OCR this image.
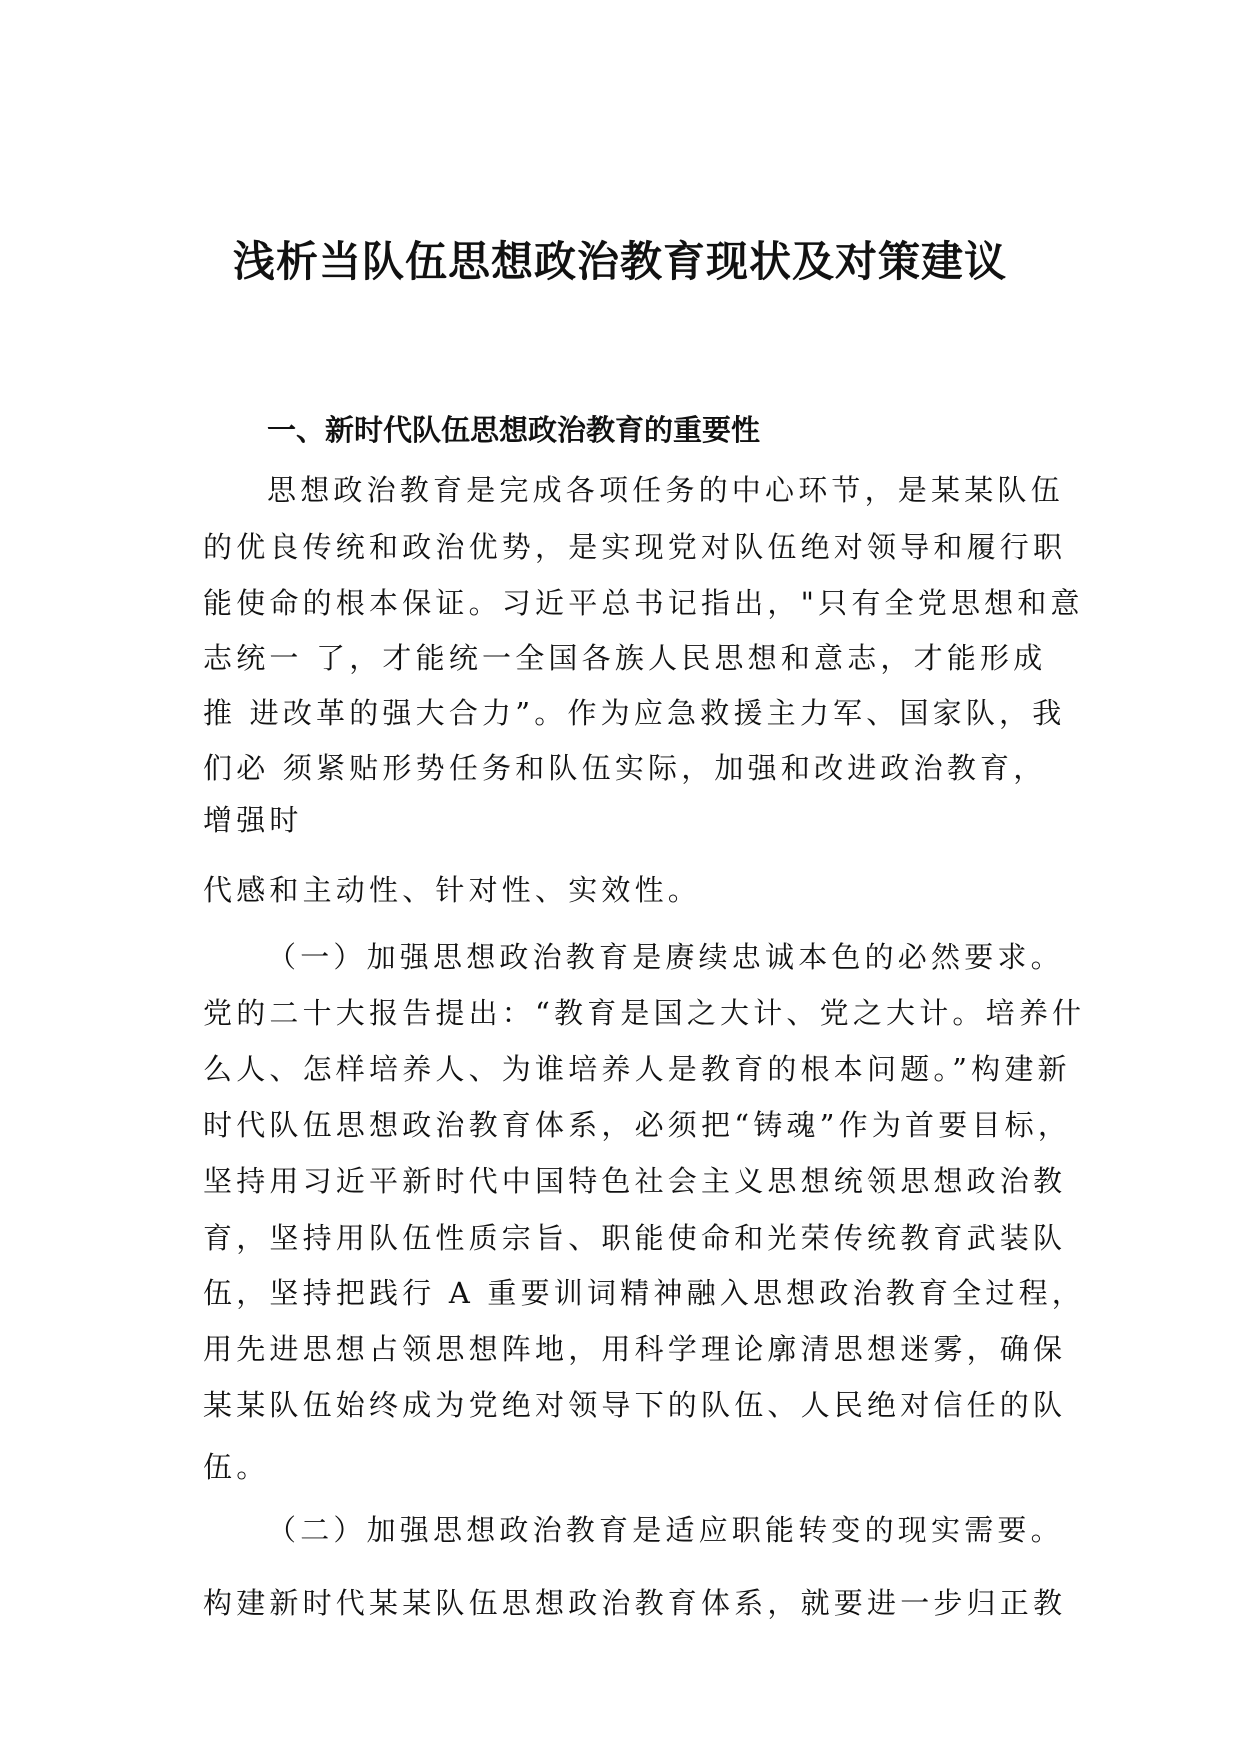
浅析当队伍思想政治教育现状及对策建议
一、新时代队伍思想政治教育的重要性

思想政治教育是完成各项任务的中心环节，是某某队伍

的优良传统和政治优势，是实现党对队伍绝对领导和履行职

能使命的根本保证。习近平总书记指出，"只有全党思想和意

志统一 了，才能统一全国各族人民思想和意志，才能形成

推 进改革的强大合力”。作为应急救援主力军、国家队，我

们必 须紧贴形势任务和队伍实际，加强和改进政治教育，

增强时

代感和主动性、针对性、实效性。

（一）加强思想政治教育是赓续忠诚本色的必然要求。

党的二十大报告提出：“教育是国之大计、党之大计。培养什

么人、怎样培养人、为谁培养人是教育的根本问题。”构建新

时代队伍思想政治教育体系，必须把“铸魂”作为首要目标，

坚持用习近平新时代中国特色社会主义思想统领思想政治教

育，坚持用队伍性质宗旨、职能使命和光荣传统教育武装队

伍，坚持把践行 A 重要训词精神融入思想政治教育全过程，

用先进思想占领思想阵地，用科学理论廓清思想迷雾，确保

某某队伍始终成为党绝对领导下的队伍、人民绝对信任的队

伍。

（二）加强思想政治教育是适应职能转变的现实需要。

构建新时代某某队伍思想政治教育体系，就要进一步归正教
